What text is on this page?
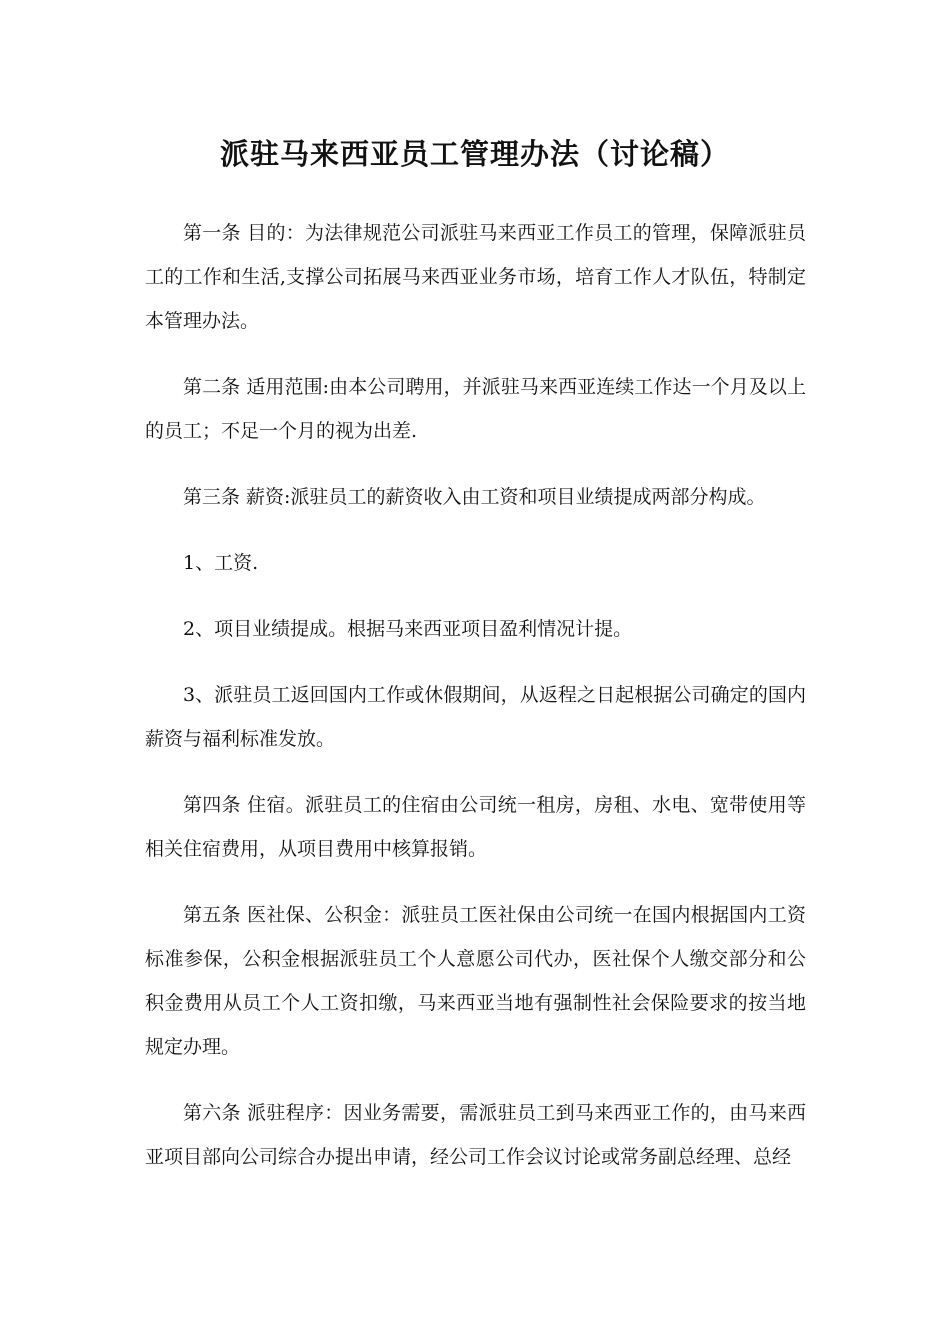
派驻马来西亚员工管理办法（讨论稿）

第一条 目的：为法律规范公司派驻马来西亚工作员工的管理，保障派驻员工的工作和生活,支撑公司拓展马来西亚业务市场，培育工作人才队伍，特制定本管理办法。

第二条 适用范围:由本公司聘用，并派驻马来西亚连续工作达一个月及以上的员工；不足一个月的视为出差.

第三条 薪资:派驻员工的薪资收入由工资和项目业绩提成两部分构成。

1、工资.

2、项目业绩提成。根据马来西亚项目盈利情况计提。

3、派驻员工返回国内工作或休假期间，从返程之日起根据公司确定的国内薪资与福利标准发放。

第四条 住宿。派驻员工的住宿由公司统一租房，房租、水电、宽带使用等相关住宿费用，从项目费用中核算报销。

第五条 医社保、公积金：派驻员工医社保由公司统一在国内根据国内工资标准参保，公积金根据派驻员工个人意愿公司代办，医社保个人缴交部分和公积金费用从员工个人工资扣缴，马来西亚当地有强制性社会保险要求的按当地规定办理。

第六条 派驻程序：因业务需要，需派驻员工到马来西亚工作的，由马来西亚项目部向公司综合办提出申请，经公司工作会议讨论或常务副总经理、总经
